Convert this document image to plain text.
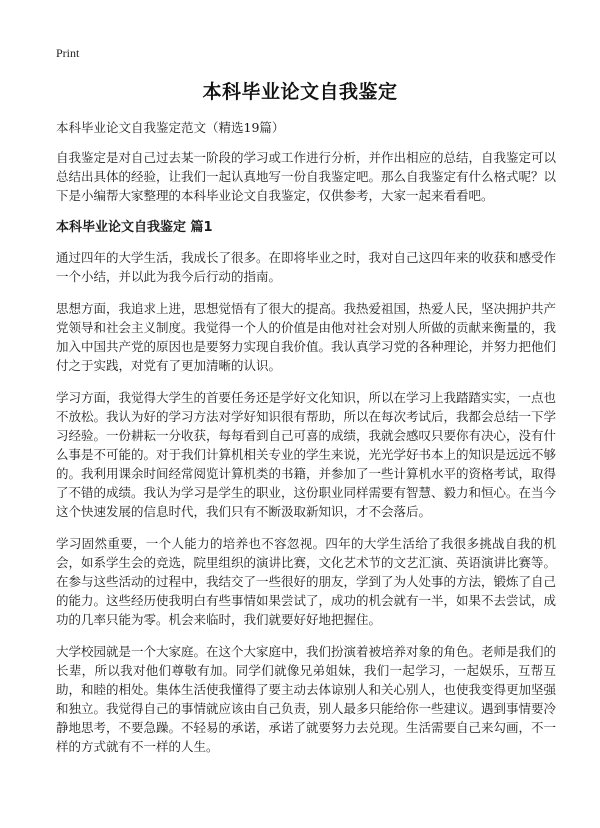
Print
本科毕业论文自我鉴定

本科毕业论文自我鉴定范文（精选19篇）

自我鉴定是对自己过去某一阶段的学习或工作进行分析，并作出相应的总结，自我鉴定可以总结出具体的经验，让我们一起认真地写一份自我鉴定吧。那么自我鉴定有什么格式呢？以下是小编帮大家整理的本科毕业论文自我鉴定，仅供参考，大家一起来看看吧。

本科毕业论文自我鉴定 篇1

通过四年的大学生活，我成长了很多。在即将毕业之时，我对自己这四年来的收获和感受作一个小结，并以此为我今后行动的指南。

思想方面，我追求上进，思想觉悟有了很大的提高。我热爱祖国，热爱人民，坚决拥护共产党领导和社会主义制度。我觉得一个人的价值是由他对社会对别人所做的贡献来衡量的，我加入中国共产党的原因也是要努力实现自我价值。我认真学习党的各种理论，并努力把他们付之于实践，对党有了更加清晰的认识。

学习方面，我觉得大学生的首要任务还是学好文化知识，所以在学习上我踏踏实实，一点也不放松。我认为好的学习方法对学好知识很有帮助，所以在每次考试后，我都会总结一下学习经验。一份耕耘一分收获，每每看到自己可喜的成绩，我就会感叹只要你有决心，没有什么事是不可能的。对于我们计算机相关专业的学生来说，光光学好书本上的知识是远远不够的。我利用课余时间经常阅览计算机类的书籍，并参加了一些计算机水平的资格考试，取得了不错的成绩。我认为学习是学生的职业，这份职业同样需要有智慧、毅力和恒心。在当今这个快速发展的信息时代，我们只有不断汲取新知识，才不会落后。

学习固然重要，一个人能力的培养也不容忽视。四年的大学生活给了我很多挑战自我的机会，如系学生会的竞选，院里组织的演讲比赛，文化艺术节的文艺汇演、英语演讲比赛等。在参与这些活动的过程中，我结交了一些很好的朋友，学到了为人处事的方法，锻炼了自己的能力。这些经历使我明白有些事情如果尝试了，成功的机会就有一半，如果不去尝试，成功的几率只能为零。机会来临时，我们就要好好地把握住。

大学校园就是一个大家庭。在这个大家庭中，我们扮演着被培养对象的角色。老师是我们的长辈，所以我对他们尊敬有加。同学们就像兄弟姐妹，我们一起学习，一起娱乐，互帮互助，和睦的相处。集体生活使我懂得了要主动去体谅别人和关心别人，也使我变得更加坚强和独立。我觉得自己的事情就应该由自己负责，别人最多只能给你一些建议。遇到事情要冷静地思考，不要急躁。不轻易的承诺，承诺了就要努力去兑现。生活需要自己来勾画，不一样的方式就有不一样的人生。
